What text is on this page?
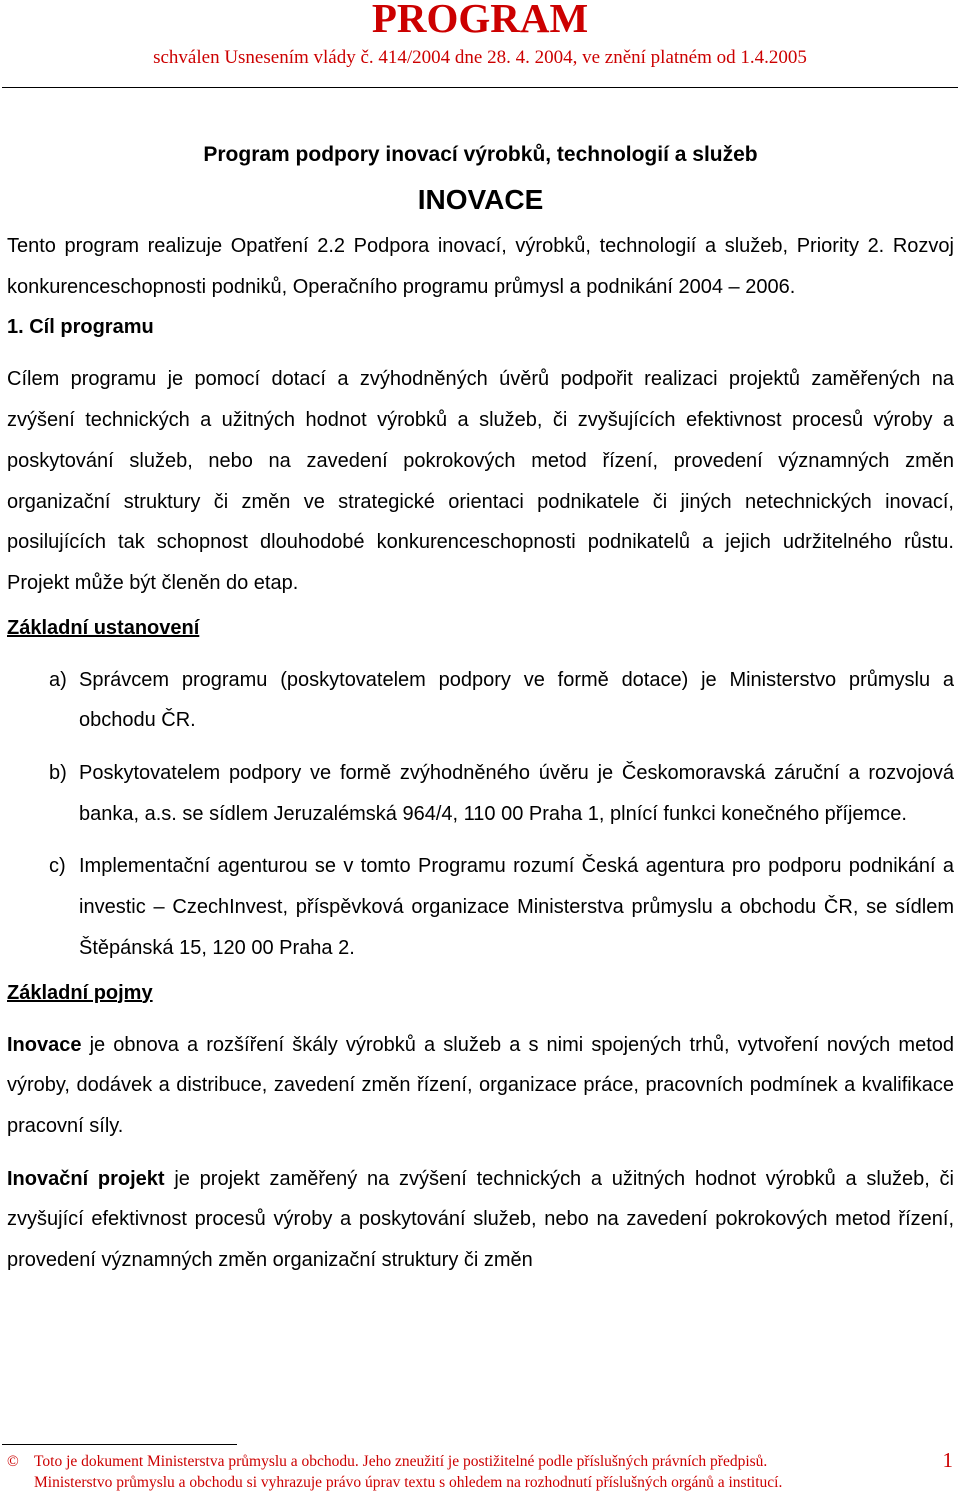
PROGRAM
schválen Usnesením vlády č. 414/2004 dne 28. 4. 2004, ve znění platném od 1.4.2005
Program podpory inovací výrobků, technologií a služeb
INOVACE

Tento program realizuje Opatření 2.2 Podpora inovací, výrobků, technologií a služeb, Priority 2. Rozvoj konkurenceschopnosti podniků, Operačního programu průmysl a podnikání 2004 – 2006.

1. Cíl programu

Cílem programu je pomocí dotací a zvýhodněných úvěrů podpořit realizaci projektů zaměřených na zvýšení technických a užitných hodnot výrobků a služeb, či zvyšujících efektivnost procesů výroby a poskytování služeb, nebo na zavedení pokrokových metod řízení, provedení významných změn organizační struktury či změn ve strategické orientaci podnikatele či jiných netechnických inovací, posilujících tak schopnost dlouhodobé konkurenceschopnosti podnikatelů a jejich udržitelného růstu. Projekt může být členěn do etap.

Základní ustanovení

a) Správcem programu (poskytovatelem podpory ve formě dotace) je Ministerstvo průmyslu a obchodu ČR.

b) Poskytovatelem podpory ve formě zvýhodněného úvěru je Českomoravská záruční a rozvojová banka, a.s. se sídlem Jeruzalémská 964/4, 110 00 Praha 1, plnící funkci konečného příjemce.

c) Implementační agenturou se v tomto Programu rozumí Česká agentura pro podporu podnikání a investic – CzechInvest, příspěvková organizace Ministerstva průmyslu a obchodu ČR, se sídlem Štěpánská 15, 120 00 Praha 2.

Základní pojmy

Inovace je obnova a rozšíření škály výrobků a služeb a s nimi spojených trhů, vytvoření nových metod výroby, dodávek a distribuce, zavedení změn řízení, organizace práce, pracovních podmínek a kvalifikace pracovní síly.

Inovační projekt je projekt zaměřený na zvýšení technických a užitných hodnot výrobků a služeb, či zvyšující efektivnost procesů výroby a poskytování služeb, nebo na zavedení pokrokových metod řízení, provedení významných změn organizační struktury či změn

© Toto je dokument Ministerstva průmyslu a obchodu. Jeho zneužití je postižitelné podle příslušných právních předpisů.
Ministerstvo průmyslu a obchodu si vyhrazuje právo úprav textu s ohledem na rozhodnutí příslušných orgánů a institucí.
1
